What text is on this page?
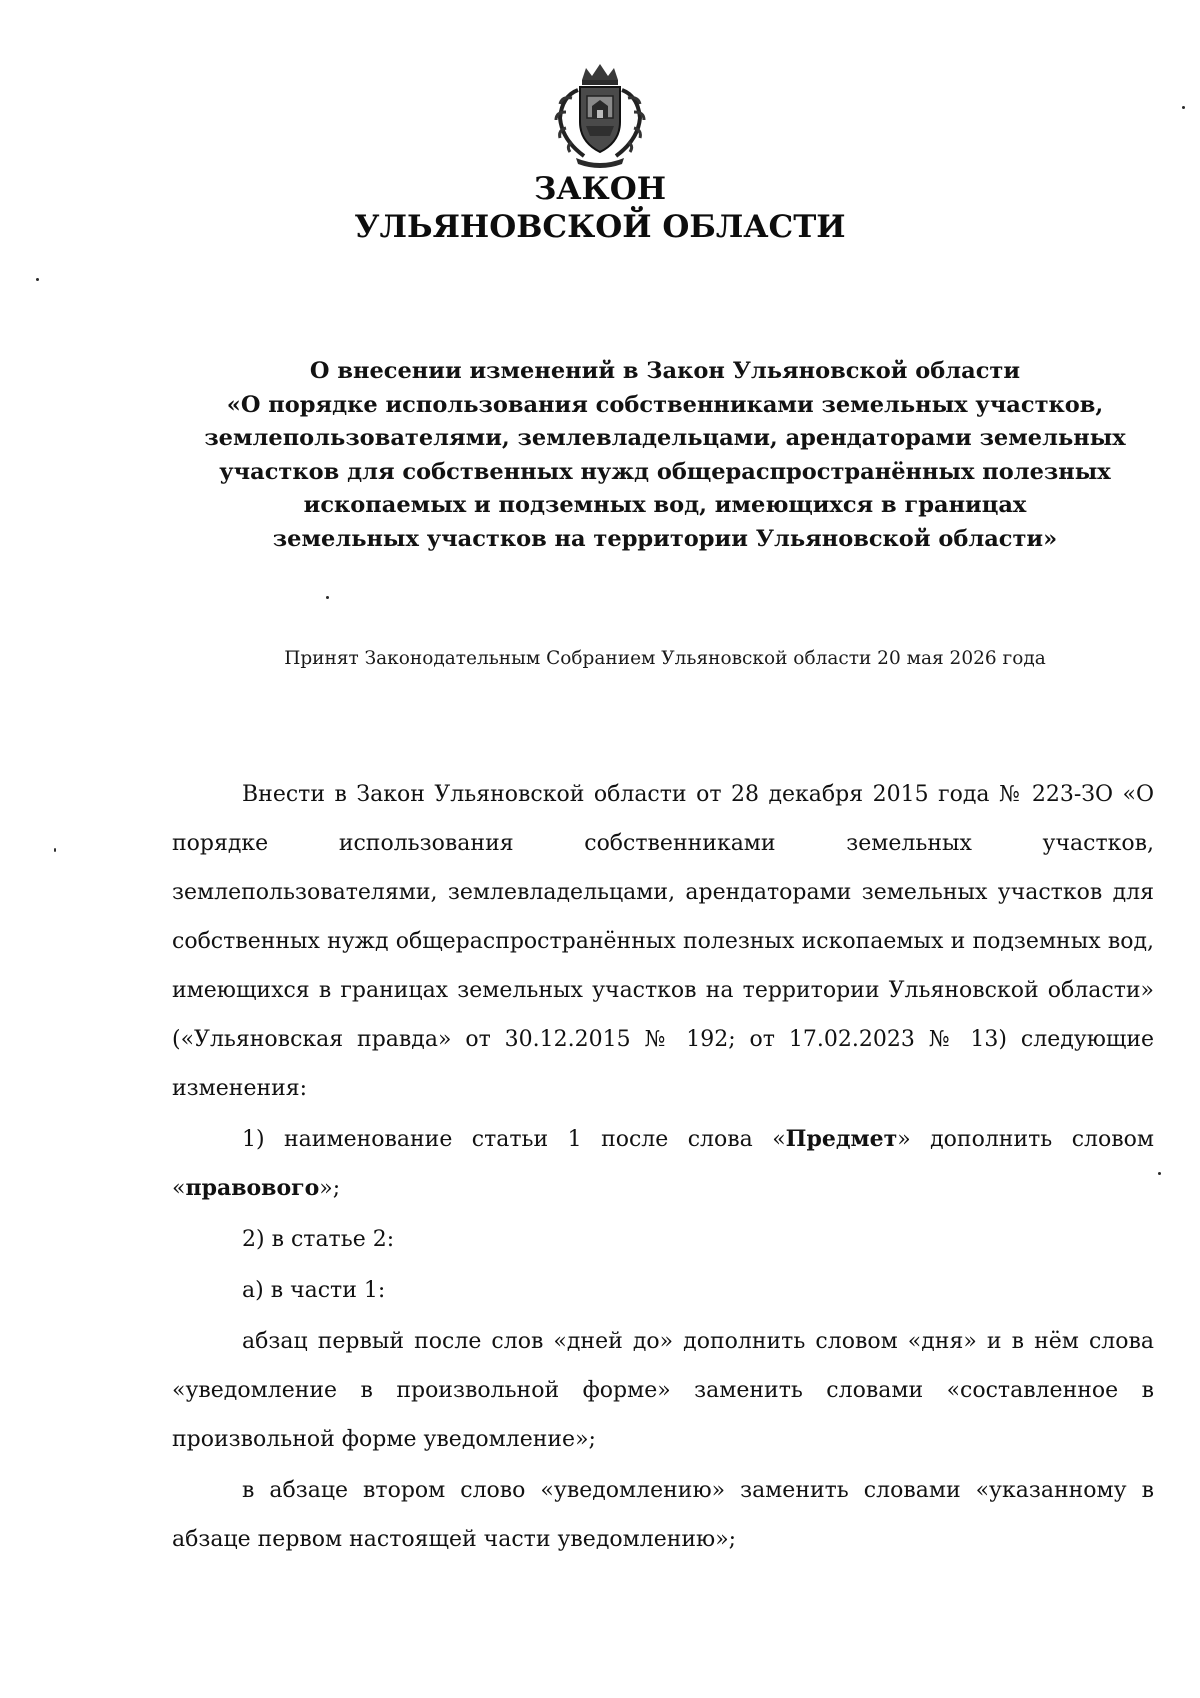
ЗАКОН
УЛЬЯНОВСКОЙ ОБЛАСТИ
О внесении изменений в Закон Ульяновской области
«О порядке использования собственниками земельных участков,
землепользователями, землевладельцами, арендаторами земельных
участков для собственных нужд общераспространённых полезных
ископаемых и подземных вод, имеющихся в границах
земельных участков на территории Ульяновской области»
Принят Законодательным Собранием Ульяновской области 20 мая 2026 года

Внести в Закон Ульяновской области от 28 декабря 2015 года № 223-ЗО «О порядке использования собственниками земельных участков, землепользователями, землевладельцами, арендаторами земельных участков для собственных нужд общераспространённых полезных ископаемых и подземных вод, имеющихся в границах земельных участков на территории Ульяновской области» («Ульяновская правда» от 30.12.2015 № 192; от 17.02.2023 № 13) следующие изменения:

1) наименование статьи 1 после слова «Предмет» дополнить словом «правового»;

2) в статье 2:

а) в части 1:

абзац первый после слов «дней до» дополнить словом «дня» и в нём слова «уведомление в произвольной форме» заменить словами «составленное в произвольной форме уведомление»;

в абзаце втором слово «уведомлению» заменить словами «указанному в абзаце первом настоящей части уведомлению»;
